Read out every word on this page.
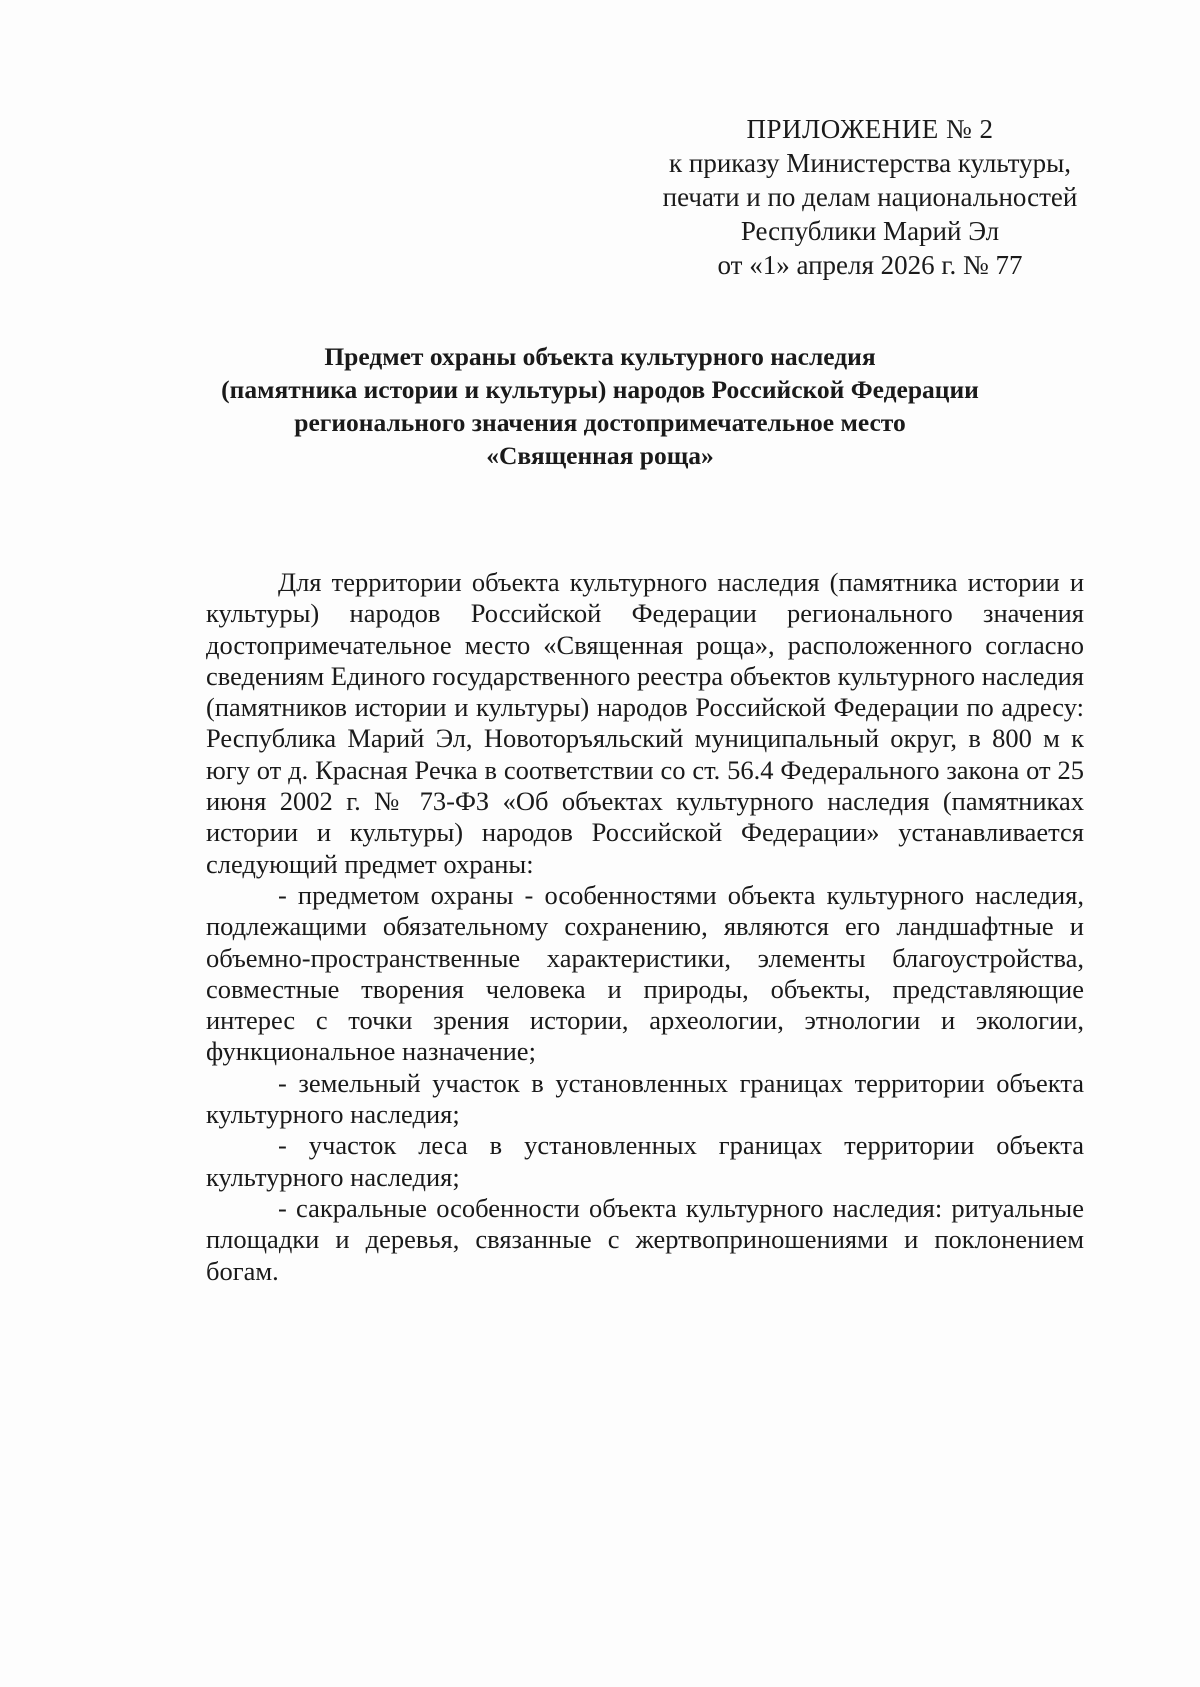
ПРИЛОЖЕНИЕ № 2
к приказу Министерства культуры,
печати и по делам национальностей
Республики Марий Эл
от «1» апреля 2026 г. № 77
Предмет охраны объекта культурного наследия
(памятника истории и культуры) народов Российской Федерации
регионального значения достопримечательное место
«Священная роща»

Для территории объекта культурного наследия (памятника истории и культуры) народов Российской Федерации регионального значения достопримечательное место «Священная роща», расположенного согласно сведениям Единого государственного реестра объектов культурного наследия (памятников истории и культуры) народов Российской Федерации по адресу: Республика Марий Эл, Новоторъяльский муниципальный округ, в 800 м к югу от д. Красная Речка в соответствии со ст. 56.4 Федерального закона от 25 июня 2002 г. № 73-ФЗ «Об объектах культурного наследия (памятниках истории и культуры) народов Российской Федерации» устанавливается следующий предмет охраны:

- предметом охраны - особенностями объекта культурного наследия, подлежащими обязательному сохранению, являются его ландшафтные и объемно-пространственные характеристики, элементы благоустройства, совместные творения человека и природы, объекты, представляющие интерес с точки зрения истории, археологии, этнологии и экологии, функциональное назначение;

- земельный участок в установленных границах территории объекта культурного наследия;

- участок леса в установленных границах территории объекта культурного наследия;

- сакральные особенности объекта культурного наследия: ритуальные площадки и деревья, связанные с жертвоприношениями и поклонением богам.
